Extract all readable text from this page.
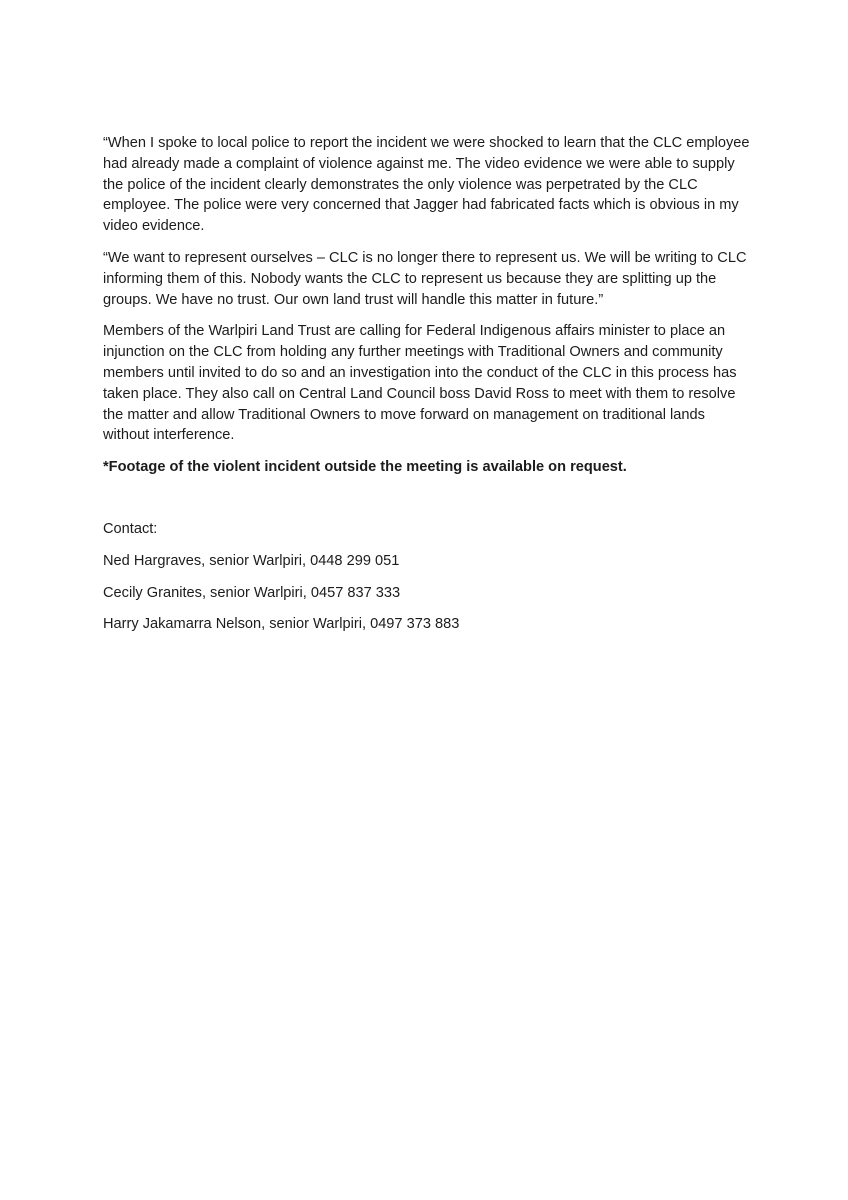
“When I spoke to local police to report the incident we were shocked to learn that the CLC employee had already made a complaint of violence against me. The video evidence we were able to supply the police of the incident clearly demonstrates the only violence was perpetrated by the CLC employee. The police were very concerned that Jagger had fabricated facts which is obvious in my video evidence.

“We want to represent ourselves – CLC is no longer there to represent us. We will be writing to CLC informing them of this. Nobody wants the CLC to represent us because they are splitting up the groups. We have no trust. Our own land trust will handle this matter in future.”

Members of the Warlpiri Land Trust are calling for Federal Indigenous affairs minister to place an injunction on the CLC from holding any further meetings with Traditional Owners and community members until invited to do so and an investigation into the conduct of the CLC in this process has taken place. They also call on Central Land Council boss David Ross to meet with them to resolve the matter and allow Traditional Owners to move forward on management on traditional lands without interference.

*Footage of the violent incident outside the meeting is available on request.

Contact:

Ned Hargraves, senior Warlpiri, 0448 299 051

Cecily Granites, senior Warlpiri, 0457 837 333

Harry Jakamarra Nelson, senior Warlpiri, 0497 373 883
